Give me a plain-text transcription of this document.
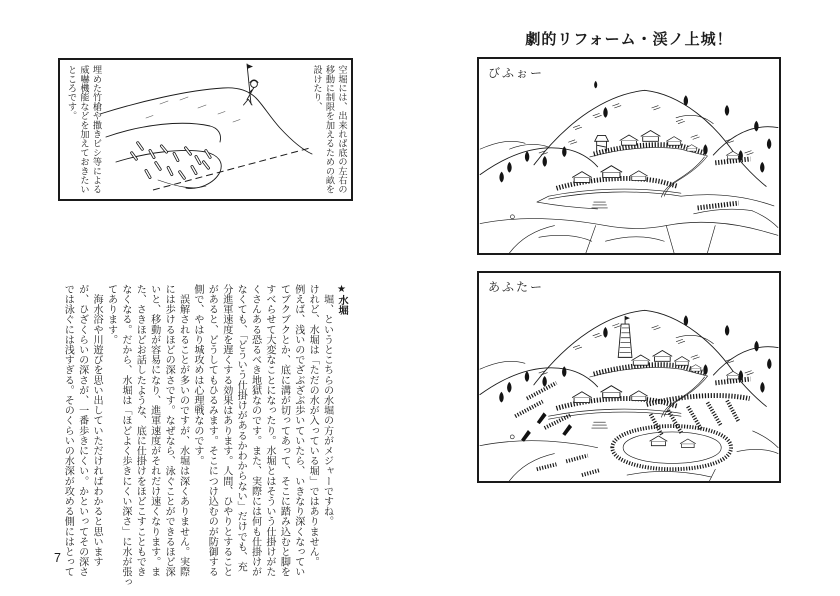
空堀には、出来れば底の左右の移動に制限を加えるための畝を設けたり、
埋めた竹槍や撒きビシ等による威嚇機能などを加えておきたいところです。
★水堀
　堀、というとこちらの水堀の方がメジャーですね。
けれど、水堀は「ただの水が入っている堀」ではありません。
例えば、浅いのでざぶざぶ歩いていたら、いきなり深くなってい
てブクブクとか、底に溝が切ってあって、そこに踏み込むと脚を
すべらせて大変なことになったり。水堀とはそういう仕掛けがた
くさんある恐るべき地獄なのです。また、実際には何も仕掛けが
なくても、「どういう仕掛けがあるかわからない」だけでも、充
分進軍速度を遅くする効果はあります。人間、ひやりとすること
があると、どうしてもひるみます。そこにつけ込むのが防御する
側で、やはり城攻めは心理戦なのです。
　誤解されることが多いのですが、水堀は深くありません。実際
には歩けるほどの深さです。なぜなら、泳ぐことができるほど深
いと、移動が容易になり、進軍速度がそれだけ速くなります。ま
た、さきほどお話したような、底に仕掛けをほどこすこともでき
なくなる。だから、水堀は「ほどよく歩きにくい深さ」に水が張っ
てあります。
　海水浴や川遊びを思い出していただければわかると思います
が、ひざくらいの深さが、一番歩きにくい。かといってその深さ
では泳ぐには浅すぎる。そのくらいの水深が攻める側にはとって
7
劇的リフォーム・渓ノ上城！
びふぉー
あふたー
